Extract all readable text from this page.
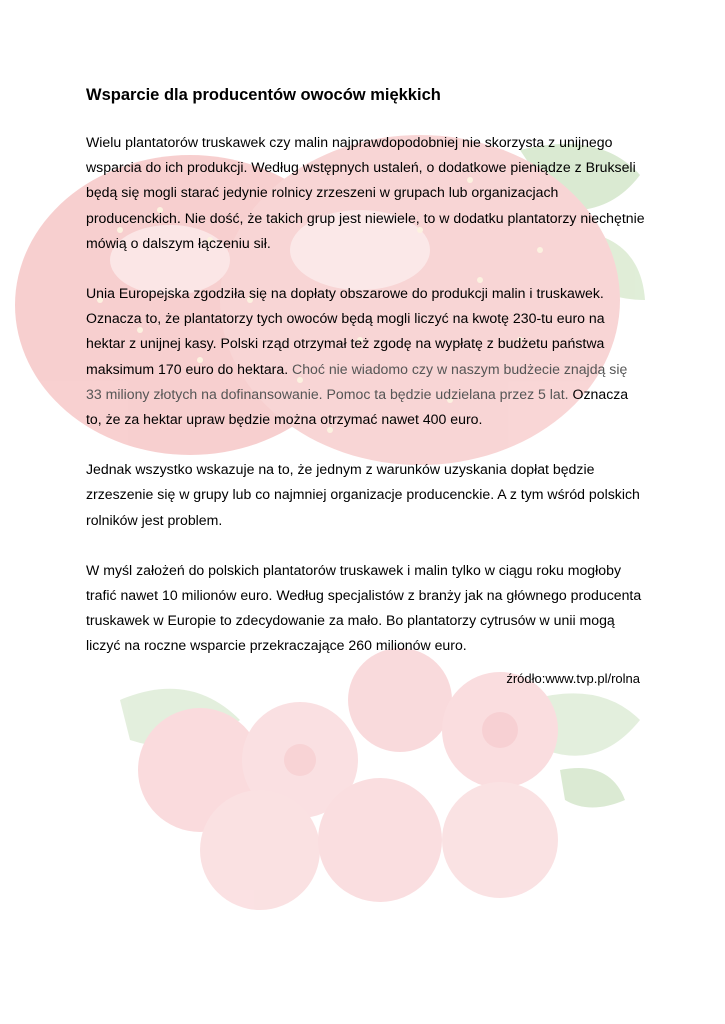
Wsparcie dla producentów owoców miękkich

Wielu plantatorów truskawek czy malin najprawdopodobniej nie skorzysta z unijnego wsparcia do ich produkcji. Według wstępnych ustaleń, o dodatkowe pieniądze z Brukseli będą się mogli starać jedynie rolnicy zrzeszeni w grupach lub organizacjach producenckich. Nie dość, że takich grup jest niewiele, to w dodatku plantatorzy niechętnie mówią o dalszym łączeniu sił.

Unia Europejska zgodziła się na dopłaty obszarowe do produkcji malin i truskawek. Oznacza to, że plantatorzy tych owoców będą mogli liczyć na kwotę 230-tu euro na hektar z unijnej kasy. Polski rząd otrzymał też zgodę na wypłatę z budżetu państwa maksimum 170 euro do hektara. Choć nie wiadomo czy w naszym budżecie znajdą się 33 miliony złotych na dofinansowanie. Pomoc ta będzie udzielana przez 5 lat. Oznacza to, że za hektar upraw będzie można otrzymać nawet 400 euro.

Jednak wszystko wskazuje na to, że jednym z warunków uzyskania dopłat będzie zrzeszenie się w grupy lub co najmniej organizacje producenckie. A z tym wśród polskich rolników jest problem.

W myśl założeń do polskich plantatorów truskawek i malin tylko w ciągu roku mogłoby trafić nawet 10 milionów euro. Według specjalistów z branży jak na głównego producenta truskawek w Europie to zdecydowanie za mało. Bo plantatorzy cytrusów w unii mogą liczyć na roczne wsparcie przekraczające 260 milionów euro.

źródło:www.tvp.pl/rolna
